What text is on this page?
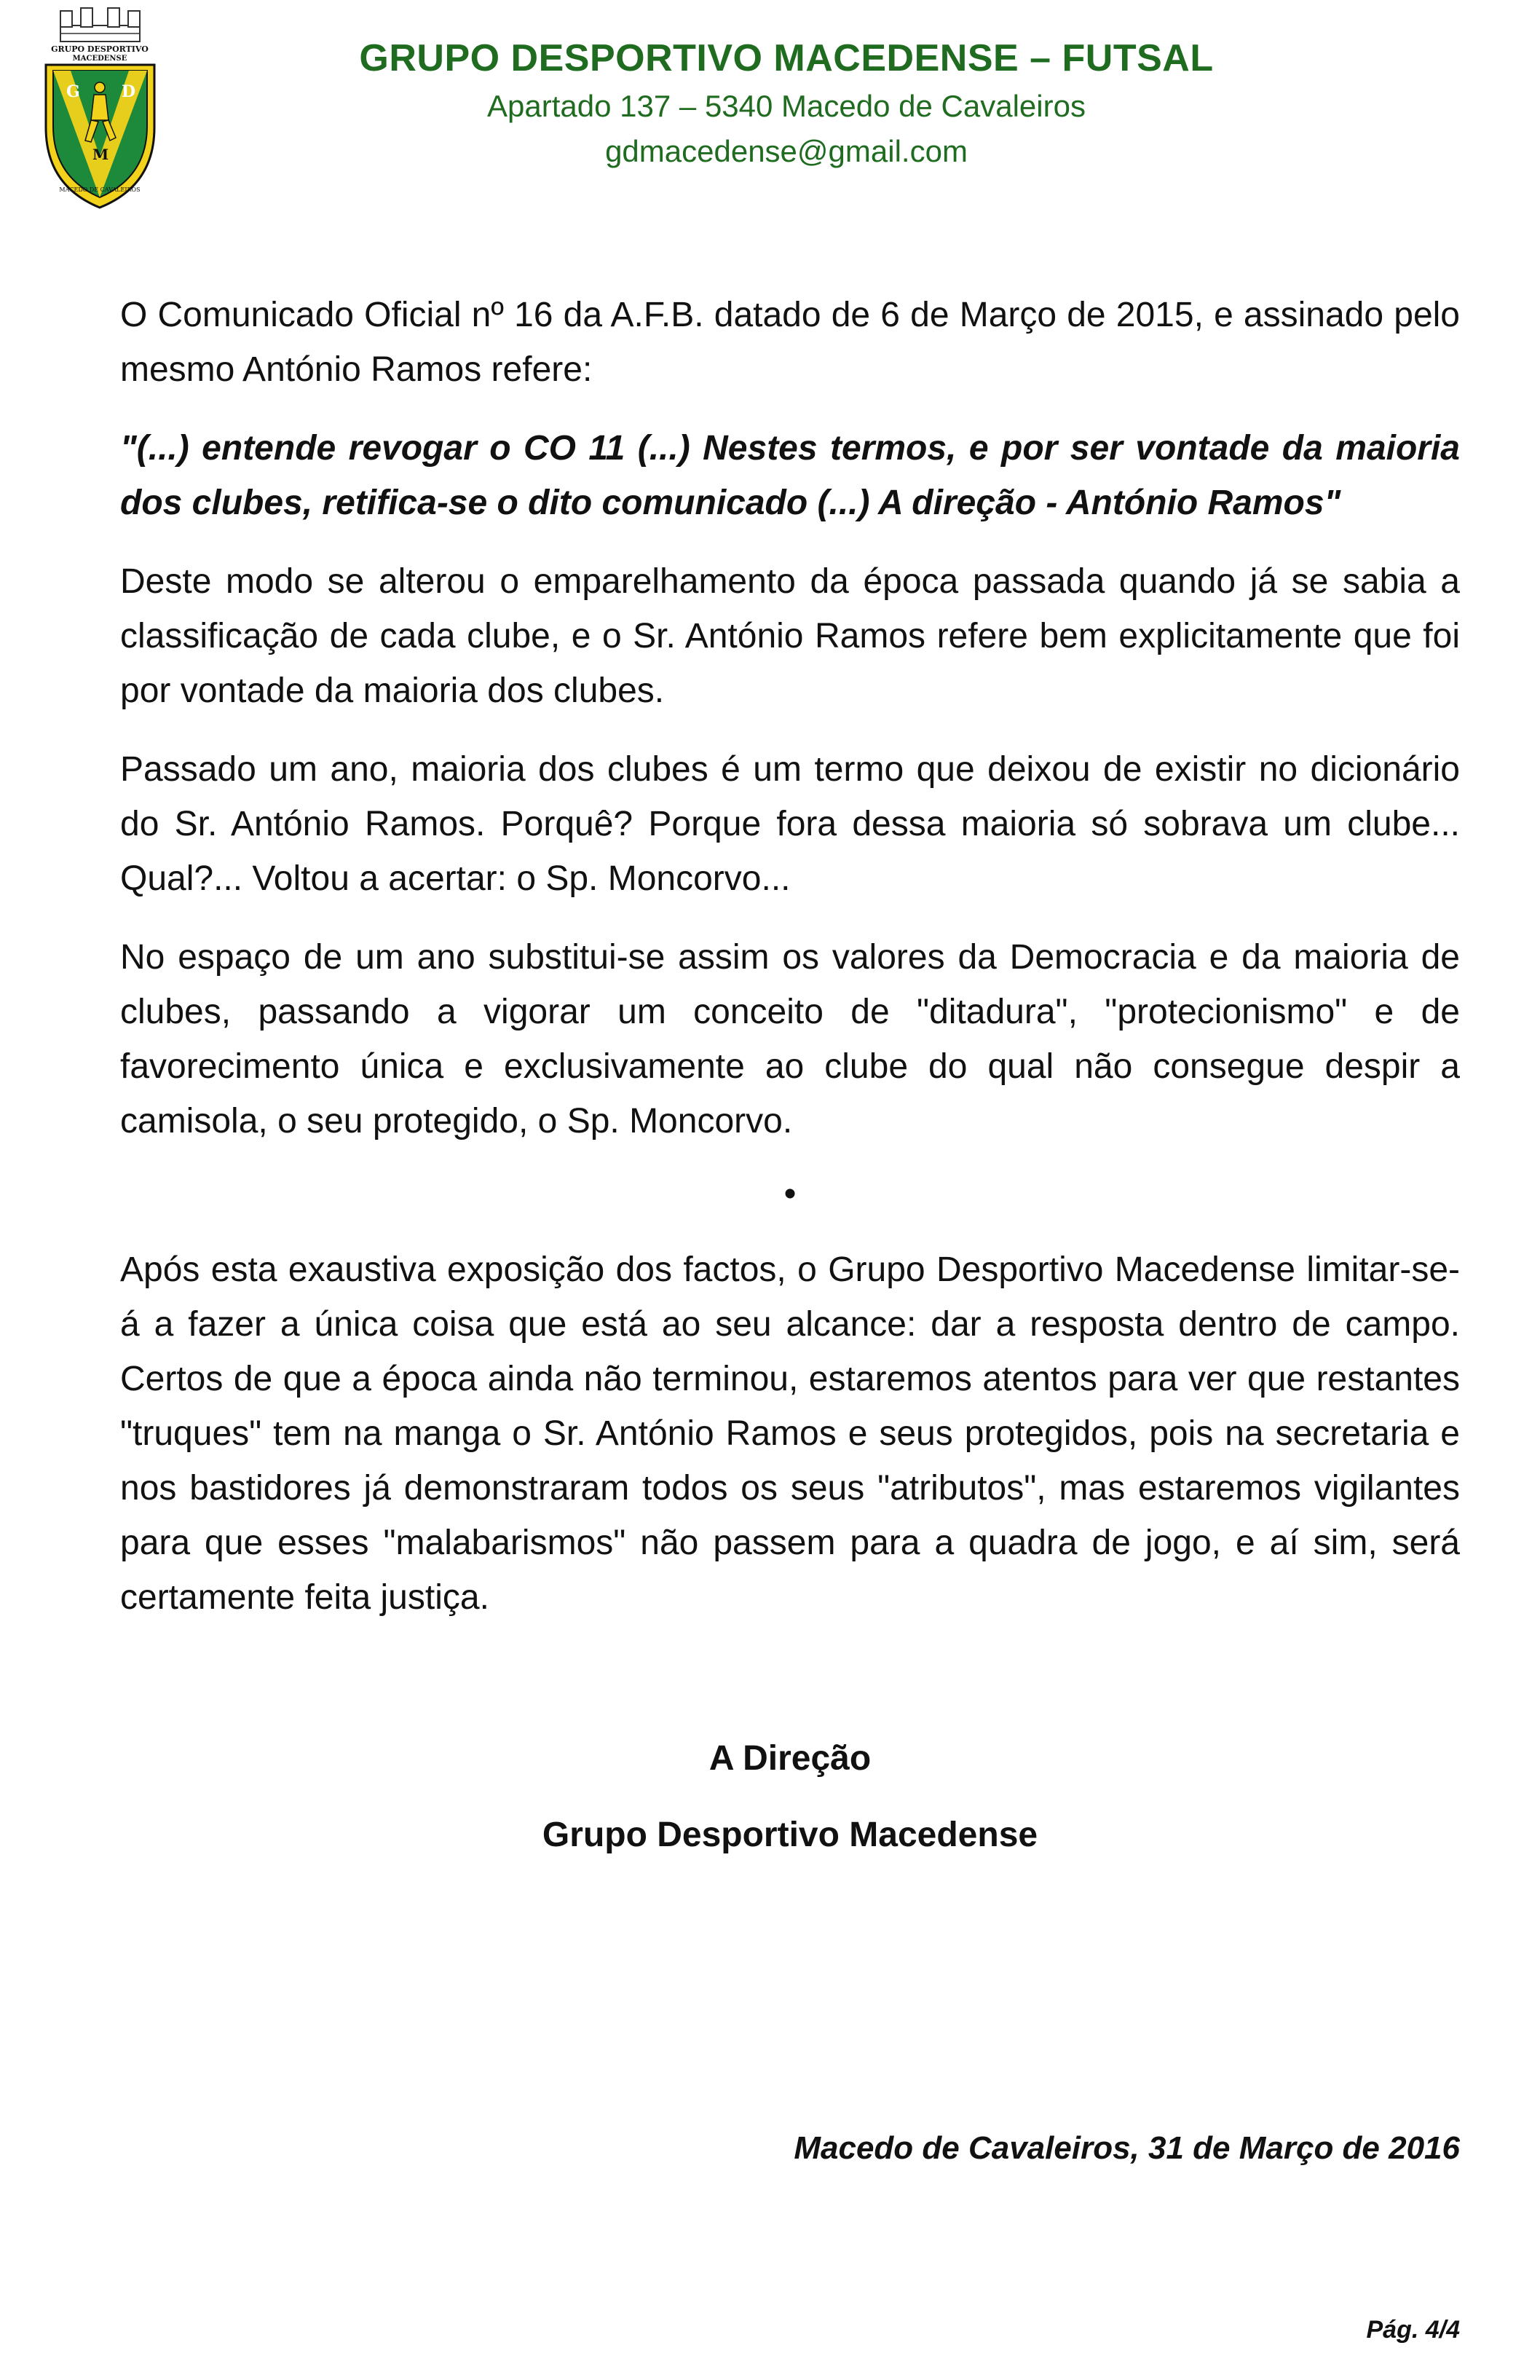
GRUPO DESPORTIVO
MACEDENSE
G	D
M
MACEDO DE CAVALEIROS
GRUPO DESPORTIVO MACEDENSE – FUTSAL
Apartado 137 – 5340 Macedo de Cavaleiros
gdmacedense@gmail.com

O Comunicado Oficial nº 16 da A.F.B. datado de 6 de Março de 2015, e assinado pelo mesmo António Ramos refere:

"(...) entende revogar o CO 11 (...) Nestes termos, e por ser vontade da maioria dos clubes, retifica-se o dito comunicado (...) A direção - António Ramos"

Deste modo se alterou o emparelhamento da época passada quando já se sabia a classificação de cada clube, e o Sr. António Ramos refere bem explicitamente que foi por vontade da maioria dos clubes.

Passado um ano, maioria dos clubes é um termo que deixou de existir no dicionário do Sr. António Ramos. Porquê? Porque fora dessa maioria só sobrava um clube... Qual?... Voltou a acertar: o Sp. Moncorvo...

No espaço de um ano substitui-se assim os valores da Democracia e da maioria de clubes, passando a vigorar um conceito de "ditadura", "protecionismo" e de favorecimento única e exclusivamente ao clube do qual não consegue despir a camisola, o seu protegido, o Sp. Moncorvo.

•

Após esta exaustiva exposição dos factos, o Grupo Desportivo Macedense limitar-se-á a fazer a única coisa que está ao seu alcance: dar a resposta dentro de campo. Certos de que a época ainda não terminou, estaremos atentos para ver que restantes "truques" tem na manga o Sr. António Ramos e seus protegidos, pois na secretaria e nos bastidores já demonstraram todos os seus "atributos", mas estaremos vigilantes para que esses "malabarismos" não passem para a quadra de jogo, e aí sim, será certamente feita justiça.

A Direção
Grupo Desportivo Macedense
Macedo de Cavaleiros, 31 de Março de 2016
Pág. 4/4
